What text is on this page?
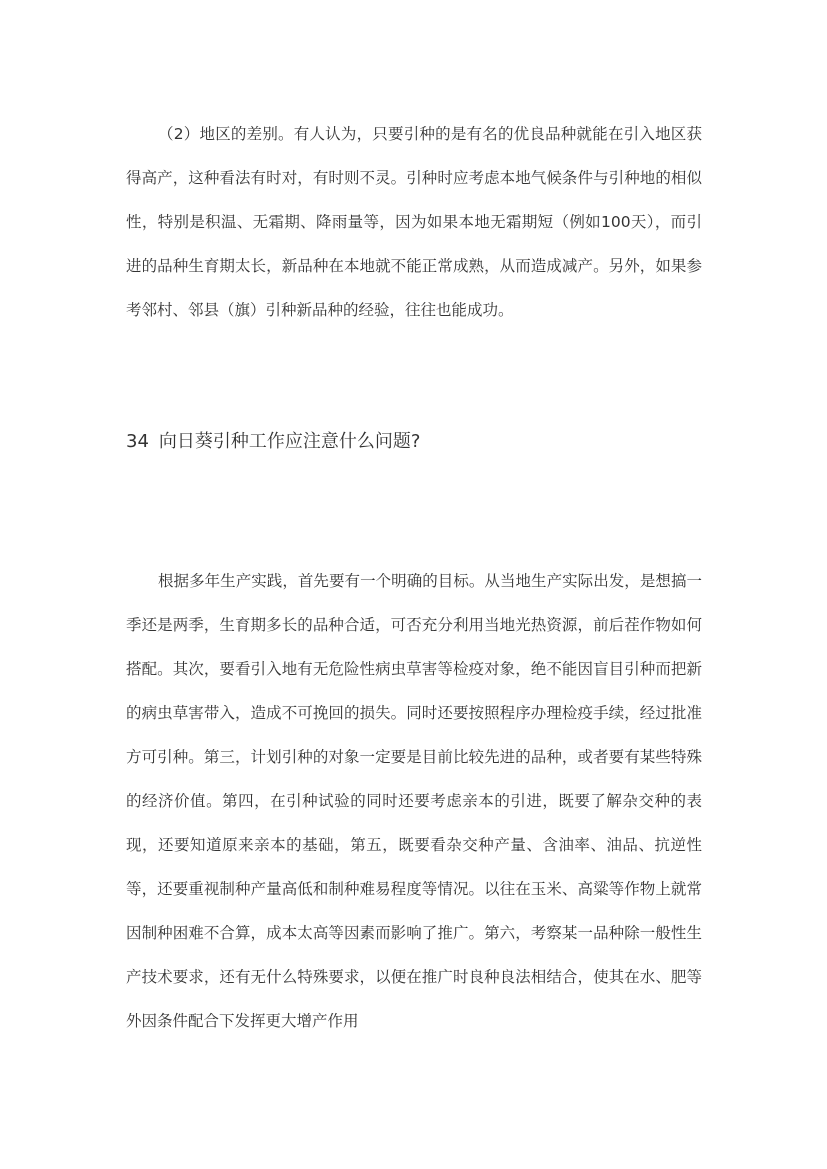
（2）地区的差别。有人认为，只要引种的是有名的优良品种就能在引入地区获得高产，这种看法有时对，有时则不灵。引种时应考虑本地气候条件与引种地的相似性，特别是积温、无霜期、降雨量等，因为如果本地无霜期短（例如100天），而引进的品种生育期太长，新品种在本地就不能正常成熟，从而造成减产。另外，如果参考邻村、邻县（旗）引种新品种的经验，往往也能成功。

34 向日葵引种工作应注意什么问题?

根据多年生产实践，首先要有一个明确的目标。从当地生产实际出发，是想搞一季还是两季，生育期多长的品种合适，可否充分利用当地光热资源，前后茬作物如何搭配。其次，要看引入地有无危险性病虫草害等检疫对象，绝不能因盲目引种而把新的病虫草害带入，造成不可挽回的损失。同时还要按照程序办理检疫手续，经过批准方可引种。第三，计划引种的对象一定要是目前比较先进的品种，或者要有某些特殊的经济价值。第四，在引种试验的同时还要考虑亲本的引进，既要了解杂交种的表现，还要知道原来亲本的基础，第五，既要看杂交种产量、含油率、油品、抗逆性等，还要重视制种产量高低和制种难易程度等情况。以往在玉米、高粱等作物上就常因制种困难不合算，成本太高等因素而影响了推广。第六，考察某一品种除一般性生产技术要求，还有无什么特殊要求，以便在推广时良种良法相结合，使其在水、肥等外因条件配合下发挥更大增产作用
